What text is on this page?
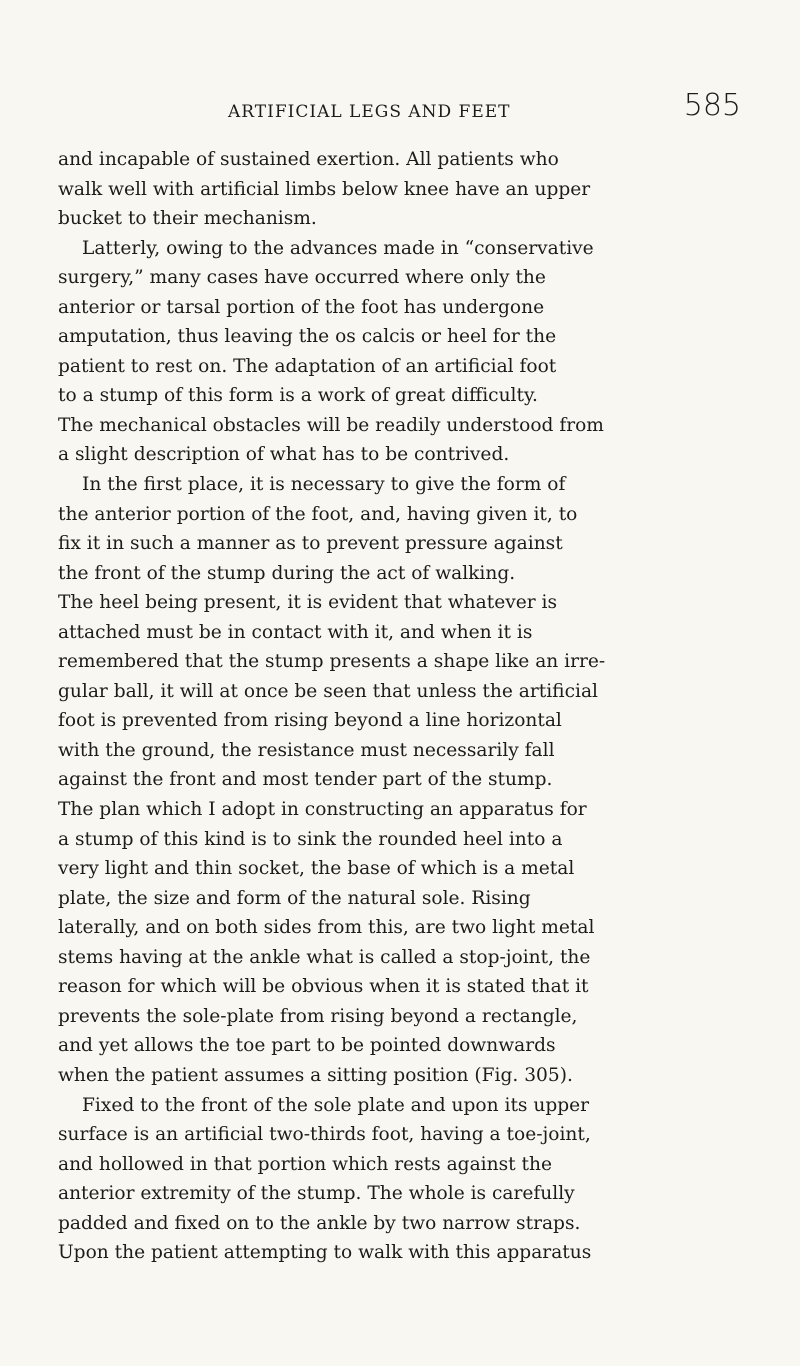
ARTIFICIAL LEGS AND FEET	585
and incapable of sustained exertion. All patients who
walk well with artificial limbs below knee have an upper
bucket to their mechanism.
Latterly, owing to the advances made in “conservative
surgery,” many cases have occurred where only the
anterior or tarsal portion of the foot has undergone
amputation, thus leaving the os calcis or heel for the
patient to rest on. The adaptation of an artificial foot
to a stump of this form is a work of great difficulty.
The mechanical obstacles will be readily understood from
a slight description of what has to be contrived.
In the first place, it is necessary to give the form of
the anterior portion of the foot, and, having given it, to
fix it in such a manner as to prevent pressure against
the front of the stump during the act of walking.
The heel being present, it is evident that whatever is
attached must be in contact with it, and when it is
remembered that the stump presents a shape like an irre-
gular ball, it will at once be seen that unless the artificial
foot is prevented from rising beyond a line horizontal
with the ground, the resistance must necessarily fall
against the front and most tender part of the stump.
The plan which I adopt in constructing an apparatus for
a stump of this kind is to sink the rounded heel into a
very light and thin socket, the base of which is a metal
plate, the size and form of the natural sole. Rising
laterally, and on both sides from this, are two light metal
stems having at the ankle what is called a stop-joint, the
reason for which will be obvious when it is stated that it
prevents the sole-plate from rising beyond a rectangle,
and yet allows the toe part to be pointed downwards
when the patient assumes a sitting position (Fig. 305).
Fixed to the front of the sole plate and upon its upper
surface is an artificial two-thirds foot, having a toe-joint,
and hollowed in that portion which rests against the
anterior extremity of the stump. The whole is carefully
padded and fixed on to the ankle by two narrow straps.
Upon the patient attempting to walk with this apparatus
